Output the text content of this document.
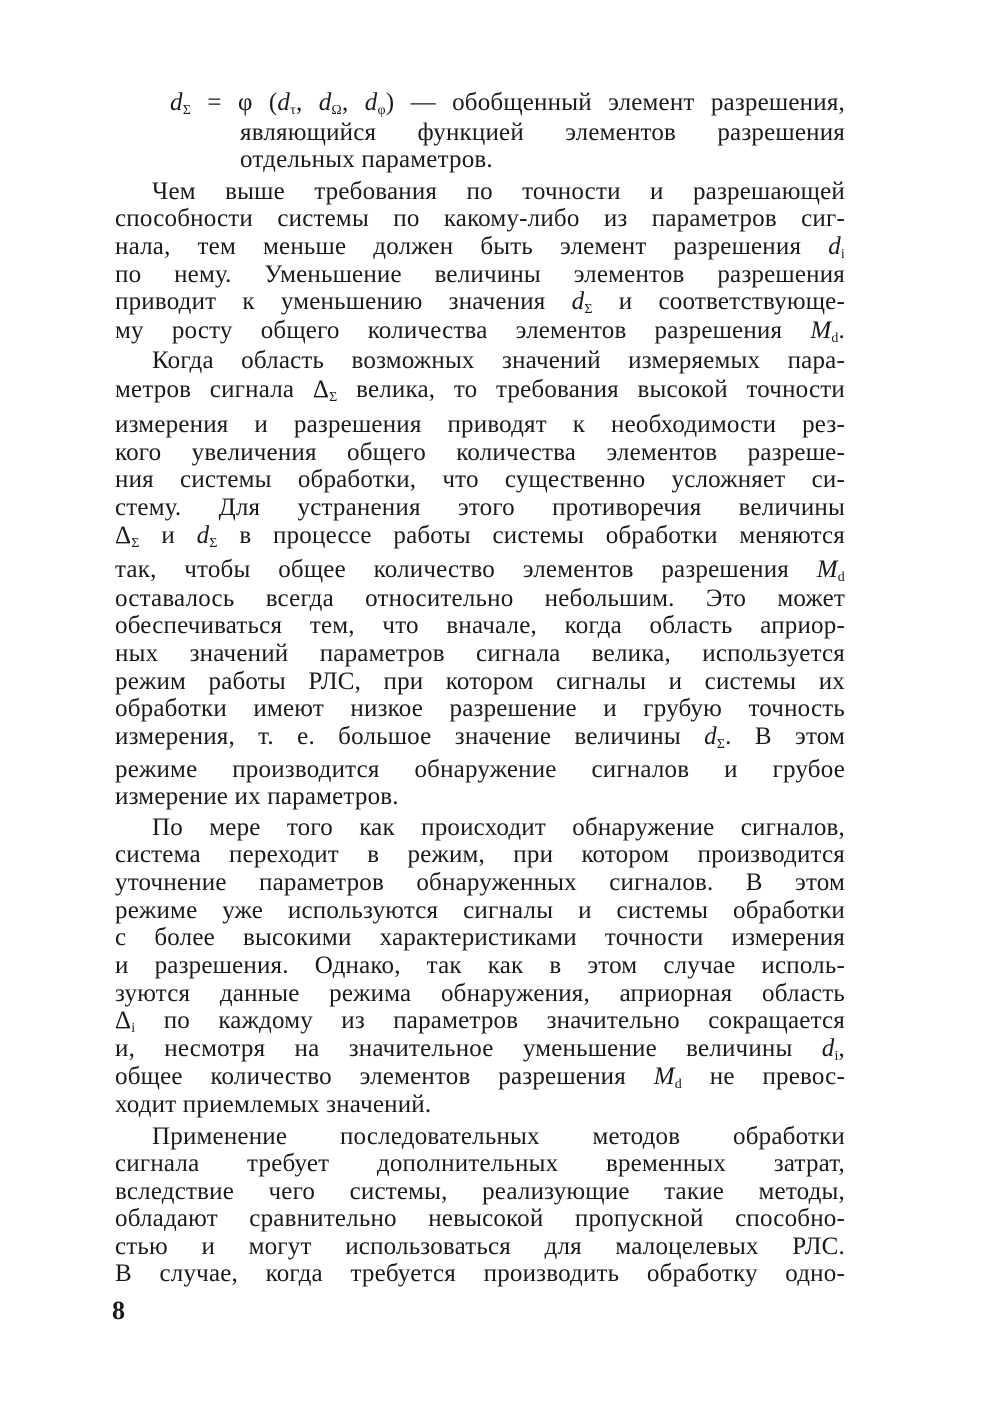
$d_\Sigma = \varphi$ ($d_\tau$, $d_\Omega$, $d_\varphi$) — обобщенный элемент разрешения,
являющийся функцией элементов разрешения
отдельных параметров.
Чем выше требования по точности и разрешающей
способности системы по какому-либо из параметров сиг-
нала, тем меньше должен быть элемент разрешения $d_i$
по нему. Уменьшение величины элементов разрешения
приводит к уменьшению значения $d_\Sigma$ и соответствующе-
му росту общего количества элементов разрешения $M_d$.
Когда область возможных значений измеряемых пара-
метров сигнала $\Delta_\Sigma$ велика, то требования высокой точности
измерения и разрешения приводят к необходимости рез-
кого увеличения общего количества элементов разреше-
ния системы обработки, что существенно усложняет си-
стему. Для устранения этого противоречия величины
$\Delta_\Sigma$ и $d_\Sigma$ в процессе работы системы обработки меняются
так, чтобы общее количество элементов разрешения $M_d$
оставалось всегда относительно небольшим. Это может
обеспечиваться тем, что вначале, когда область априор-
ных значений параметров сигнала велика, используется
режим работы РЛС, при котором сигналы и системы их
обработки имеют низкое разрешение и грубую точность
измерения, т. е. большое значение величины $d_\Sigma$. В этом
режиме производится обнаружение сигналов и грубое
измерение их параметров.
По мере того как происходит обнаружение сигналов,
система переходит в режим, при котором производится
уточнение параметров обнаруженных сигналов. В этом
режиме уже используются сигналы и системы обработки
с более высокими характеристиками точности измерения
и разрешения. Однако, так как в этом случае исполь-
зуются данные режима обнаружения, априорная область
$\Delta_i$ по каждому из параметров значительно сокращается
и, несмотря на значительное уменьшение величины $d_i$,
общее количество элементов разрешения $M_d$ не превос-
ходит приемлемых значений.
Применение последовательных методов обработки
сигнала требует дополнительных временных затрат,
вследствие чего системы, реализующие такие методы,
обладают сравнительно невысокой пропускной способно-
стью и могут использоваться для малоцелевых РЛС.
В случае, когда требуется производить обработку одно-
8
